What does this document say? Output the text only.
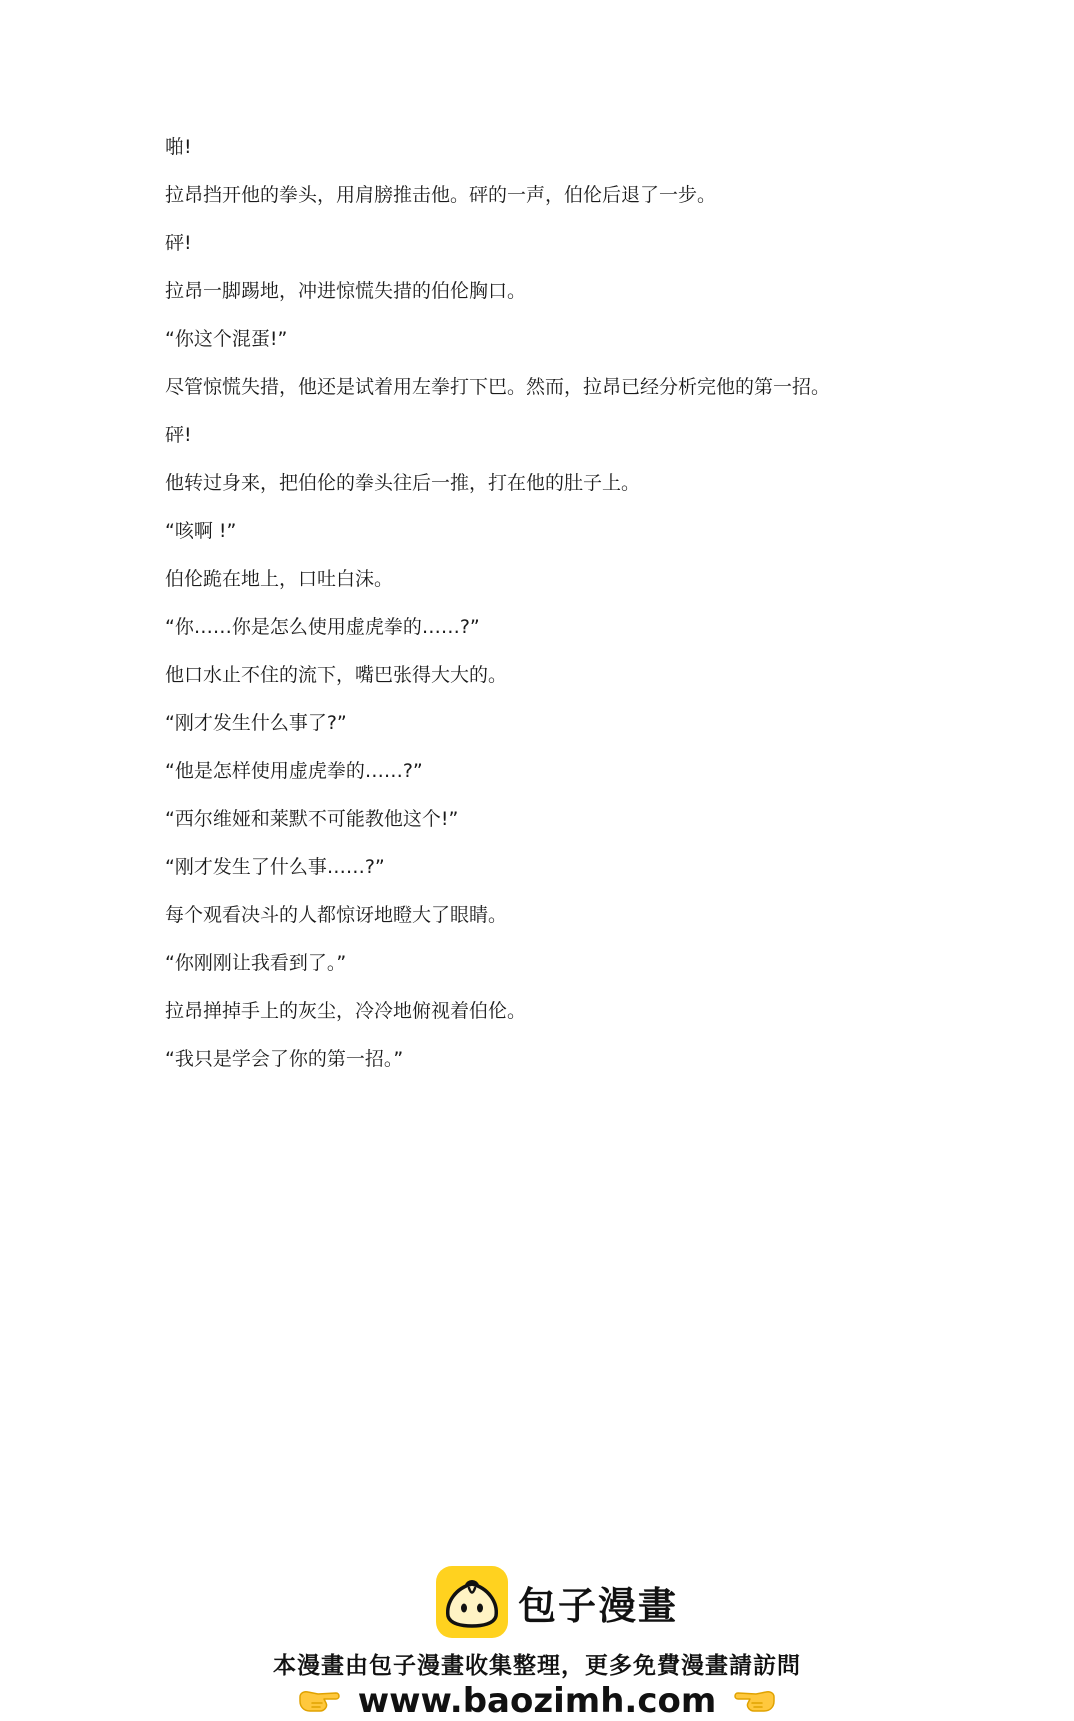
啪!

拉昂挡开他的拳头，用肩膀推击他。砰的一声，伯伦后退了一步。

砰!

拉昂一脚踢地，冲进惊慌失措的伯伦胸口。

“你这个混蛋!”

尽管惊慌失措，他还是试着用左拳打下巴。然而，拉昂已经分析完他的第一招。

砰!

他转过身来，把伯伦的拳头往后一推，打在他的肚子上。

“咳啊 !”

伯伦跪在地上，口吐白沫。

“你……你是怎么使用虚虎拳的……?”

他口水止不住的流下，嘴巴张得大大的。

“刚才发生什么事了?”

“他是怎样使用虚虎拳的……?”

“西尔维娅和莱默不可能教他这个!”

“刚才发生了什么事……?”

每个观看决斗的人都惊讶地瞪大了眼睛。

“你刚刚让我看到了。”

拉昂掸掉手上的灰尘，冷冷地俯视着伯伦。

“我只是学会了你的第一招。”

包子漫畫
本漫畫由包子漫畫收集整理，更多免費漫畫請訪問
www.baozimh.com
